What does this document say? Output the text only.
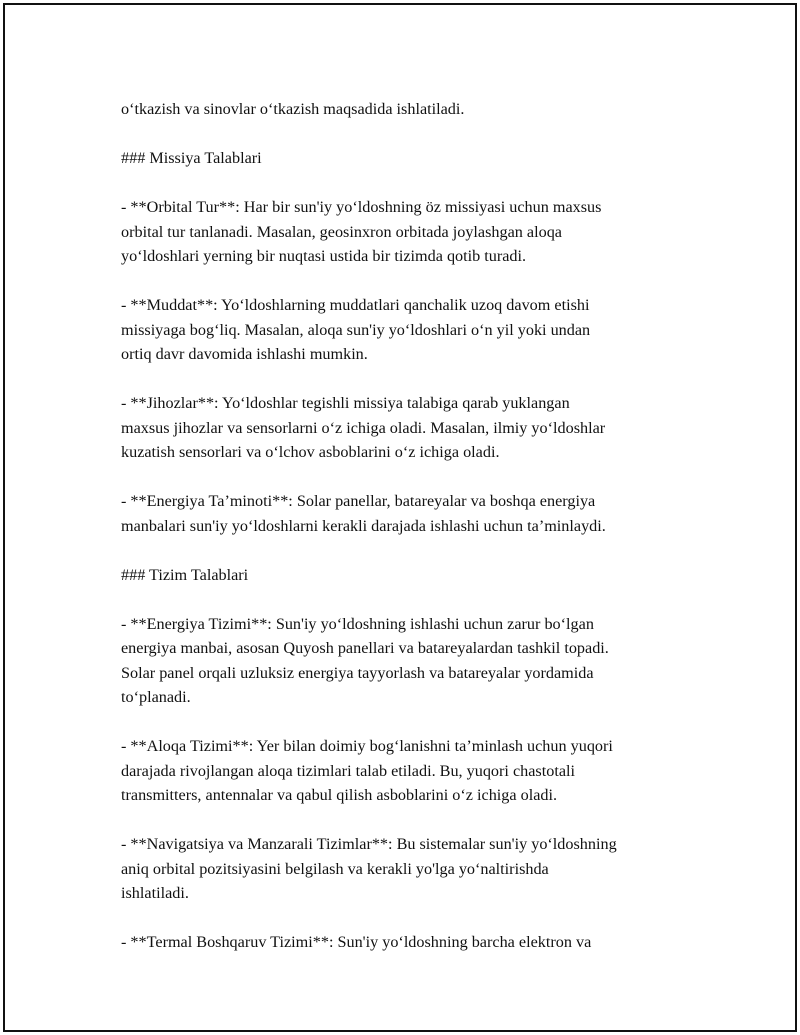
o‘tkazish va sinovlar o‘tkazish maqsadida ishlatiladi.
### Missiya Talablari
- **Orbital Tur**: Har bir sun'iy yo‘ldoshning öz missiyasi uchun maxsus
orbital tur tanlanadi. Masalan, geosinxron orbitada joylashgan aloqa
yo‘ldoshlari yerning bir nuqtasi ustida bir tizimda qotib turadi.
- **Muddat**: Yo‘ldoshlarning muddatlari qanchalik uzoq davom etishi
missiyaga bog‘liq. Masalan, aloqa sun'iy yo‘ldoshlari o‘n yil yoki undan
ortiq davr davomida ishlashi mumkin.
- **Jihozlar**: Yo‘ldoshlar tegishli missiya talabiga qarab yuklangan
maxsus jihozlar va sensorlarni o‘z ichiga oladi. Masalan, ilmiy yo‘ldoshlar
kuzatish sensorlari va o‘lchov asboblarini o‘z ichiga oladi.
- **Energiya Ta’minoti**: Solar panellar, batareyalar va boshqa energiya
manbalari sun'iy yo‘ldoshlarni kerakli darajada ishlashi uchun ta’minlaydi.
### Tizim Talablari
- **Energiya Tizimi**: Sun'iy yo‘ldoshning ishlashi uchun zarur bo‘lgan
energiya manbai, asosan Quyosh panellari va batareyalardan tashkil topadi.
Solar panel orqali uzluksiz energiya tayyorlash va batareyalar yordamida
to‘planadi.
- **Aloqa Tizimi**: Yer bilan doimiy bog‘lanishni ta’minlash uchun yuqori
darajada rivojlangan aloqa tizimlari talab etiladi. Bu, yuqori chastotali
transmitters, antennalar va qabul qilish asboblarini o‘z ichiga oladi.
- **Navigatsiya va Manzarali Tizimlar**: Bu sistemalar sun'iy yo‘ldoshning
aniq orbital pozitsiyasini belgilash va kerakli yo'lga yo‘naltirishda
ishlatiladi.
- **Termal Boshqaruv Tizimi**: Sun'iy yo‘ldoshning barcha elektron va
